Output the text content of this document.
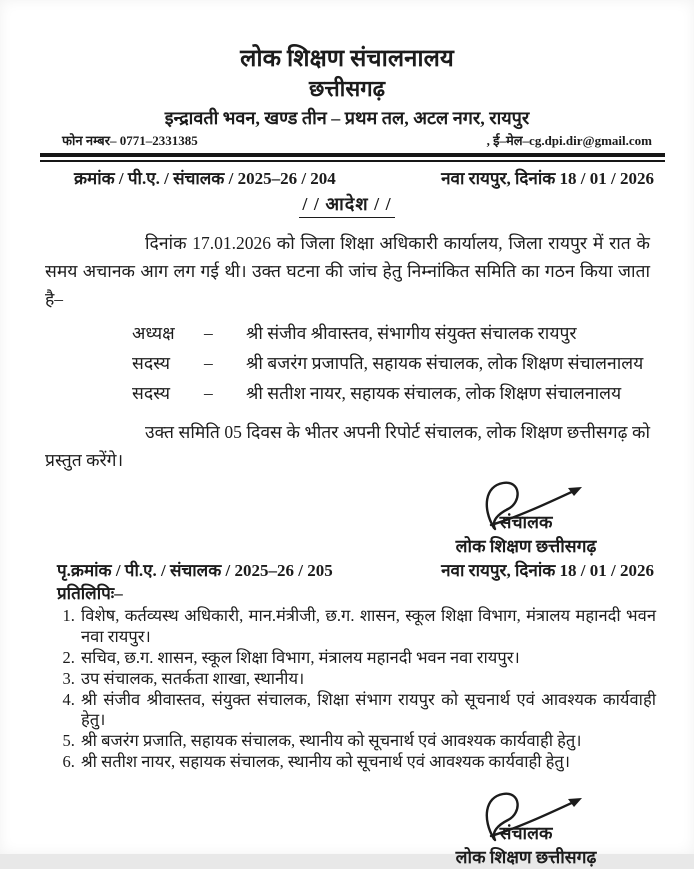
लोक शिक्षण संचालनालय
छत्तीसगढ़
इन्द्रावती भवन, खण्ड तीन – प्रथम तल, अटल नगर, रायपुर
फोन नम्बर– 0771–2331385	, ई–मेल–cg.dpi.dir@gmail.com
क्रमांक / पी.ए. / संचालक / 2025–26 / 204	नवा रायपुर, दिनांक 18 / 01 / 2026
/ / आदेश / /

दिनांक 17.01.2026 को जिला शिक्षा अधिकारी कार्यालय, जिला रायपुर में रात के समय अचानक आग लग गई थी। उक्त घटना की जांच हेतु निम्नांकित समिति का गठन किया जाता है–

अध्यक्ष	–	श्री संजीव श्रीवास्तव, संभागीय संयुक्त संचालक रायपुर
सदस्य	–	श्री बजरंग प्रजापति, सहायक संचालक, लोक शिक्षण संचालनालय
सदस्य	–	श्री सतीश नायर, सहायक संचालक, लोक शिक्षण संचालनालय

उक्त समिति 05 दिवस के भीतर अपनी रिपोर्ट संचालक, लोक शिक्षण छत्तीसगढ़ को प्रस्तुत करेंगे।

संचालक
लोक शिक्षण छत्तीसगढ़
पृ.क्रमांक / पी.ए. / संचालक / 2025–26 / 205	नवा रायपुर, दिनांक 18 / 01 / 2026
प्रतिलिपिः–
1. विशेष, कर्तव्यस्थ अधिकारी, मान.मंत्रीजी, छ.ग. शासन, स्कूल शिक्षा विभाग, मंत्रालय महानदी भवन नवा रायपुर।
2. सचिव, छ.ग. शासन, स्कूल शिक्षा विभाग, मंत्रालय महानदी भवन नवा रायपुर।
3. उप संचालक, सतर्कता शाखा, स्थानीय।
4. श्री संजीव श्रीवास्तव, संयुक्त संचालक, शिक्षा संभाग रायपुर को सूचनार्थ एवं आवश्यक कार्यवाही हेतु।
5. श्री बजरंग प्रजाति, सहायक संचालक, स्थानीय को सूचनार्थ एवं आवश्यक कार्यवाही हेतु।
6. श्री सतीश नायर, सहायक संचालक, स्थानीय को सूचनार्थ एवं आवश्यक कार्यवाही हेतु।
संचालक
लोक शिक्षण छत्तीसगढ़
